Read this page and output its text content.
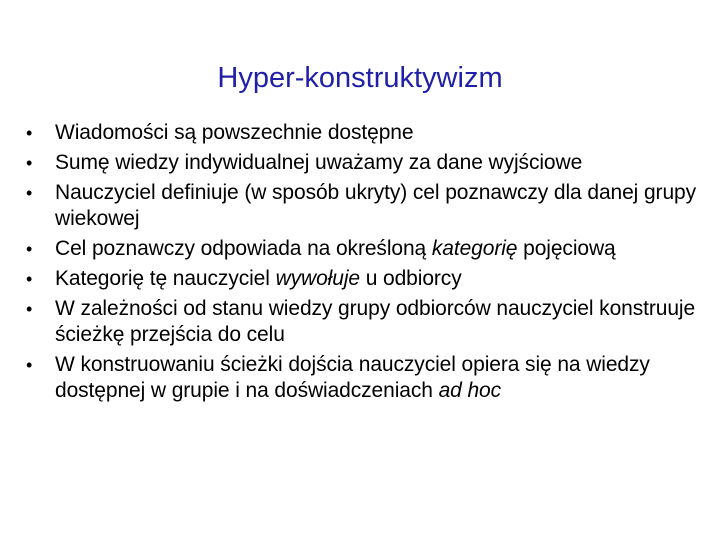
Hyper-konstruktywizm
• Wiadomości są powszechnie dostępne
• Sumę wiedzy indywidualnej uważamy za dane wyjściowe
• Nauczyciel definiuje (w sposób ukryty) cel poznawczy dla danej grupy wiekowej
• Cel poznawczy odpowiada na określoną kategorię pojęciową
• Kategorię tę nauczyciel wywołuje u odbiorcy
• W zależności od stanu wiedzy grupy odbiorców nauczyciel konstruuje ścieżkę przejścia do celu
• W konstruowaniu ścieżki dojścia nauczyciel opiera się na wiedzy dostępnej w grupie i na doświadczeniach ad hoc
